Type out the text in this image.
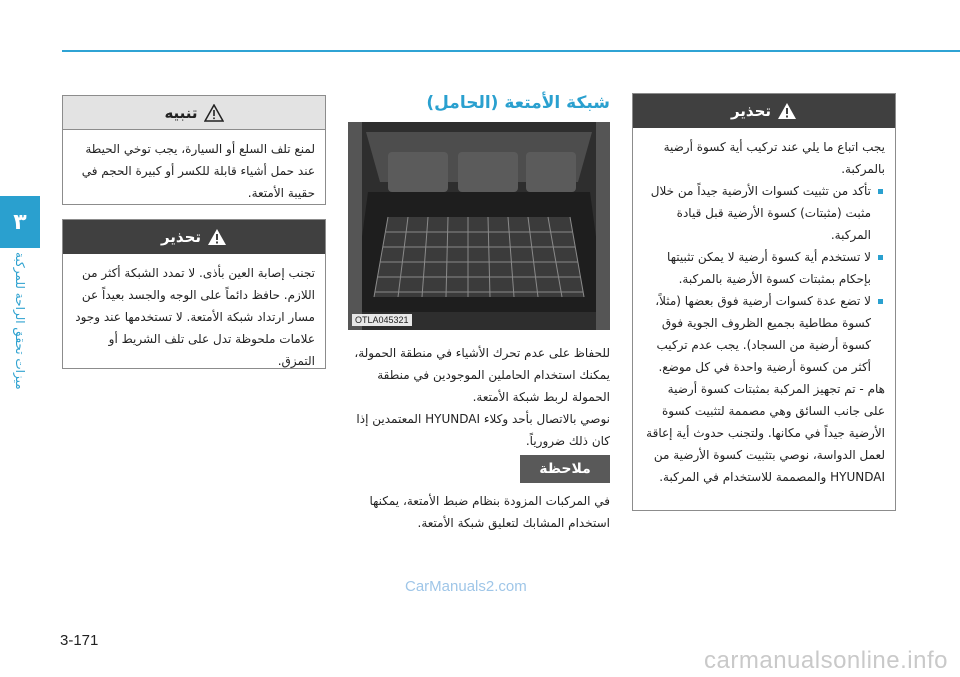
٣
ميزات تحقق الراحة للمركبة
تحذير

يجب اتباع ما يلي عند تركيب أية كسوة أرضية بالمركبة.

تأكد من تثبيت كسوات الأرضية جيداً من خلال مثبت (مثبتات) كسوة الأرضية قبل قيادة المركبة.
لا تستخدم أية كسوة أرضية لا يمكن تثبيتها بإحكام بمثبتات كسوة الأرضية بالمركبة.
لا تضع عدة كسوات أرضية فوق بعضها (مثلاً، كسوة مطاطية بجميع الظروف الجوية فوق كسوة أرضية من السجاد). يجب عدم تركيب أكثر من كسوة أرضية واحدة في كل موضع.

هام - تم تجهيز المركبة بمثبتات كسوة أرضية على جانب السائق وهي مصممة لتثبيت كسوة الأرضية جيداً في مكانها. ولتجنب حدوث أية إعاقة لعمل الدواسة، نوصي بتثبيت كسوة الأرضية من HYUNDAI والمصممة للاستخدام في المركبة.

شبكة الأمتعة (الحامل)
OTLA045321

للحفاظ على عدم تحرك الأشياء في منطقة الحمولة، يمكنك استخدام الحاملين الموجودين في منطقة الحمولة لربط شبكة الأمتعة.

نوصي بالاتصال بأحد وكلاء HYUNDAI المعتمدين إذا كان ذلك ضرورياً.

ملاحظة
في المركبات المزودة بنظام ضبط الأمتعة، يمكنها استخدام المشابك لتعليق شبكة الأمتعة.
تنبيه

لمنع تلف السلع أو السيارة، يجب توخي الحيطة عند حمل أشياء قابلة للكسر أو كبيرة الحجم في حقيبة الأمتعة.

تحذير

تجنب إصابة العين بأذى. لا تمدد الشبكة أكثر من اللازم. حافظ دائماً على الوجه والجسد بعيداً عن مسار ارتداد شبكة الأمتعة. لا تستخدمها عند وجود علامات ملحوظة تدل على تلف الشريط أو التمزق.

CarManuals2.com
3-171
carmanualsonline.info
